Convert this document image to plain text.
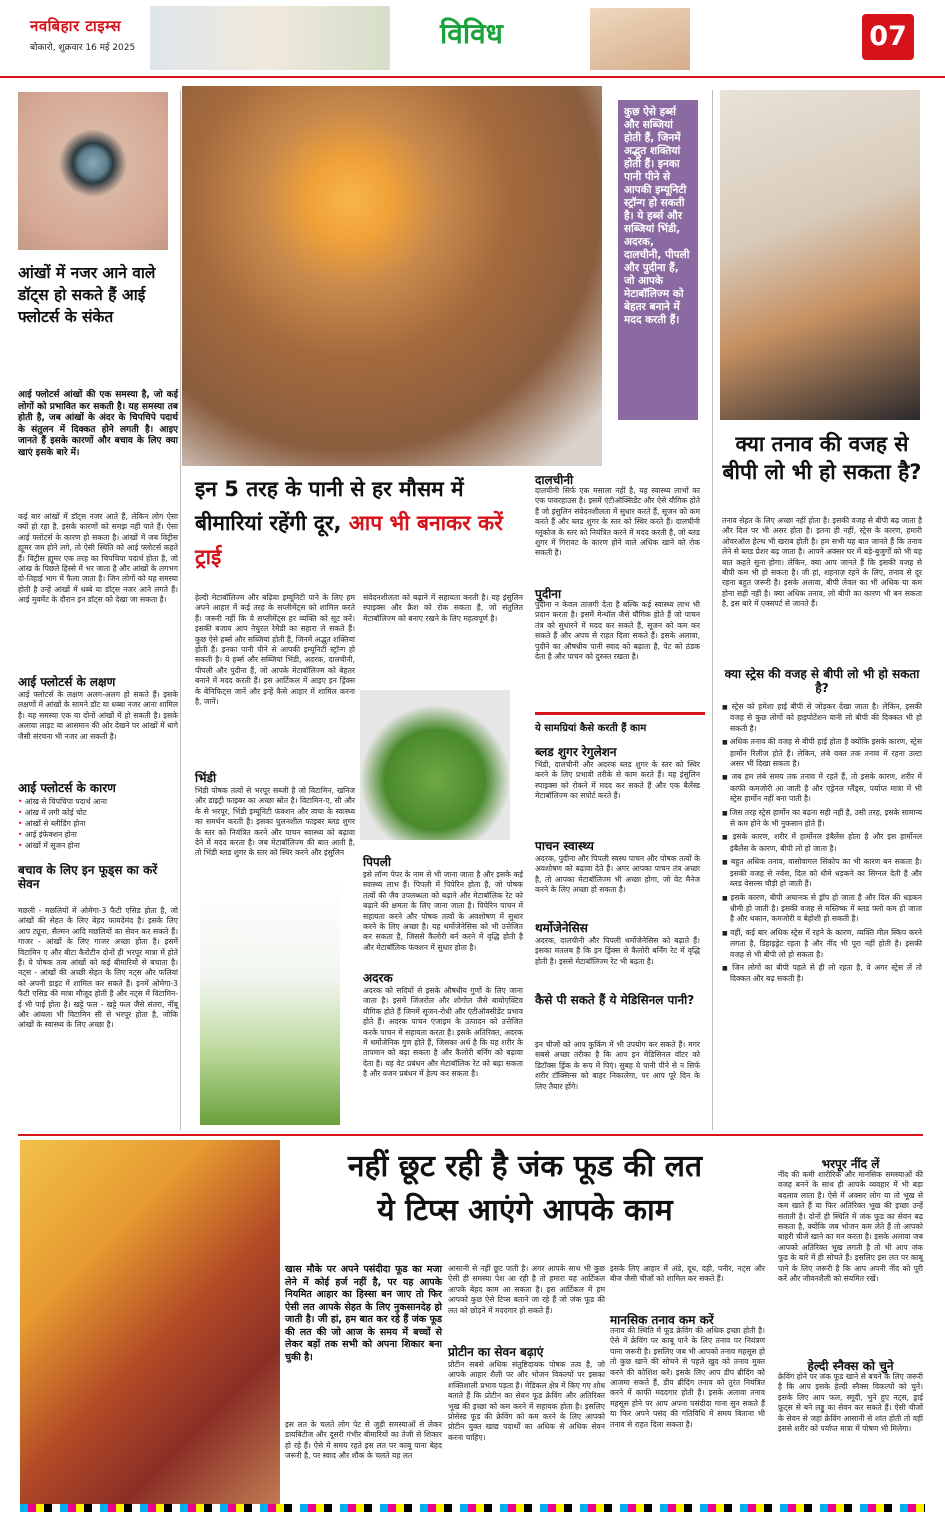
नवबिहार टाइम्स
बोकारो, शुक्रवार 16 मई 2025	विविध	07
कुछ ऐसे हर्ब्स और सब्जियां होती हैं, जिनमें अद्भुत शक्तियां होती हैं। इनका पानी पीने से आपकी इम्यूनिटी स्ट्रॉन्ग हो सकती है। ये हर्ब्स और सब्जियां भिंडी, अदरक, दालचीनी, पीपली और पुदीना हैं, जो आपके मेटाबॉलिज्म को बेहतर बनाने में मदद करती हैं।
आंखों में नजर आने वाले डॉट्स हो सकते हैं आई फ्लोटर्स के संकेत
आई फ्लोटर्स आंखों की एक समस्या है, जो कई लोगों को प्रभावित कर सकती है। यह समस्या तब होती है, जब आंखों के अंदर के चिपचिपे पदार्थ के संतुलन में दिक्कत होने लगती है। आइए जानते हैं इसके कारणों और बचाव के लिए क्या खाएं इसके बारे में।
कई बार आंखों में डॉट्स नजर आते हैं, लेकिन लोग ऐसा क्यों हो रहा है, इसके कारणों को समझ नहीं पाते हैं। ऐसा आई फ्लोटर्स के कारण हो सकता है। आंखों में जब विट्रीस ह्यूमर जम होने लगे, तो ऐसी स्थिति को आई फ्लोटर्स कहते हैं। विट्रीस ह्यूमर एक तरह का चिपचिपा पदार्थ होता है, जो आंख के पिछले हिस्से में भर जाता है और आंखों के लगभग दो-तिहाई भाग में फैला जाता है। जिन लोगों को यह समस्या होती है उन्हें आंखों में धब्बे या डॉट्स नजर आने लगते हैं। आई मुवमेंट के दौरान इन डॉट्स को देखा जा सकता है।
आई फ्लोटर्स के लक्षण
आई फ्लोटर्स के लक्षण अलग-अलग हो सकते हैं। इसके लक्षणों में आंखों के सामने डॉट या धब्बा नजर आना शामिल है। यह समस्या एक या दोनों आंखों में हो सकती है। इसके अलावा लाइट या आसमान की ओर देखने पर आंखों में धागे जैसी संरचना भी नजर आ सकती है।
आई फ्लोटर्स के कारण
• आंख से चिपचिपा पदार्थ आना
• आंख में लगी कोई चोट
• आंखों से ब्लीडिंग होना
• आई इंफेक्शन होना
• आंखों में सूजन होना
बचाव के लिए इन फूड्स का करें सेवन
मछली - मछलियों में ओमेगा-3 फैटी एसिड होता है, जो आंखों की सेहत के लिए बेहद फायदेमंद है। इसके लिए आप ट्यूना, सैल्मन आदि मछलियों का सेवन कर सकते हैं। गाजर - आंखों के लिए गाजर अच्छा होता है। इसमें विटामिन ए और बीटा कैरोटीन दोनों ही भरपूर मात्रा में होते हैं। ये पोषक तत्व आंखों को कई बीमारियों से बचाता है। नट्स - आंखों की अच्छी सेहत के लिए नट्स और फलियां को अपनी डाइट में शामिल कर सकते हैं। इनमें ओमेगा-3 फैटी एसिड की मात्रा मौजूद होती है और नट्स में विटामिन-ई भी पाई होता है। खट्टे फल - खट्टे फल जैसे संतरा, नींबू और आंवला भी विटामिन सी से भरपूर होता है, जोकि आंखों के स्वास्थ्य के लिए अच्छा है।
इन 5 तरह के पानी से हर मौसम में बीमारियां रहेंगी दूर, आप भी बनाकर करें ट्राई
हेल्दी मेटाबॉलिज्म और बढ़िया इम्यूनिटी पाने के लिए हम अपने आहार में कई तरह के सप्लीमेंट्स को शामिल करते हैं। जरूरी नहीं कि ये सप्लीमेंट्स हर व्यक्ति को सूट करें। इसकी बजाय आप नेचुरल रेमेडी का सहारा ले सकते हैं। कुछ ऐसे हर्ब्स और सब्जियां होती हैं, जिनमें अद्भुत शक्तियां होती हैं। इनका पानी पीने से आपकी इम्यूनिटी स्ट्रॉन्ग हो सकती है। ये हर्ब्स और सब्जियां भिंडी, अदरक, दालचीनी, पीपली और पुदीना हैं, जो आपके मेटाबॉलिज्म को बेहतर बनाने में मदद करती हैं। इस आर्टिकल में आइए इन ड्रिंक्स के बेनिफिट्स जानें और इन्हें कैसे आहार में शामिल करना है, जानें।
संवेदनशीलता को बढ़ाने में सहायता करती है। यह इंसुलिन स्पाइक्स और क्रैश को रोक सकता है, जो संतुलित मेटाबॉलिज्म को बनाए रखने के लिए महत्वपूर्ण है।
भिंडी
भिंडी पोषक तत्वों से भरपूर सब्जी है जो विटामिन, खनिज और डाइट्री फाइबर का अच्छा स्रोत है। विटामिन-ए, सी और के से भरपूर, भिंडी इम्यूनिटी फंक्शन और त्वचा के स्वास्थ्य का समर्थन करती है। इसका घुलनशील फाइबर ब्लड शुगर के स्तर को नियंत्रित करने और पाचन स्वास्थ्य को बढ़ावा देने में मदद करता है। जब मेटाबॉलिज्म की बात आती है, तो भिंडी ब्लड शुगर के स्तर को स्थिर करने और इंसुलिन
पिपली
इसे लॉन्ग पेपर के नाम से भी जाना जाता है और इसके कई स्वास्थ्य लाभ हैं। पिपली में पिपेरिन होता है, जो पोषक तत्वों की जैव उपलब्धता को बढ़ाने और मेटाबॉलिक रेट को बढ़ाने की क्षमता के लिए जाना जाता है। पिपेरिन पाचन में सहायता करने और पोषक तत्वों के अवशोषण में सुधार करने के लिए अच्छा है। यह थर्मोजेनेसिस को भी उत्तेजित कर सकता है, जिससे कैलोरी बर्न करने में वृद्धि होती है और मेटाबॉलिक फंक्शन में सुधार होता है।
अदरक
अदरक को सदियों से इसके औषधीय गुणों के लिए जाना जाता है। इसमें जिंजरोल और शोगोल जैसे बायोएक्टिव यौगिक होते हैं जिनमें सूजन-रोधी और एंटीऑक्सीडेंट प्रभाव होते हैं। अदरक पाचन एंजाइम के उत्पादन को उत्तेजित करके पाचन में सहायता करता है। इसके अतिरिक्त, अदरक में थर्मोजेनिक गुण होते हैं, जिसका अर्थ है कि यह शरीर के तापमान को बढ़ा सकता है और कैलोरी बर्निंग को बढ़ावा देता है। यह वेट प्रबंधन और मेटाबॉलिक रेट को बढ़ा सकता है और वजन प्रबंधन में हेल्प कर सकता है।
दालचीनी
दालचीनी सिर्फ एक मसाला नहीं है, यह स्वास्थ्य लाभों का एक पावरहाउस है। इसमें एंटीऑक्सिडेंट और ऐसे यौगिक होते हैं जो इंसुलिन संवेदनशीलता में सुधार करते हैं, सूजन को कम करते हैं और ब्लड शुगर के स्तर को स्थिर करते हैं। दालचीनी ग्लूकोज के स्तर को नियंत्रित करने में मदद करती है, जो ब्लड शुगर में गिरावट के कारण होने वाले अधिक खाने को रोक सकती है।
पुदीना
पुदीना न केवल ताजगी देता है बल्कि कई स्वास्थ्य लाभ भी प्रदान करता है। इसमें मेन्थॉल जैसे यौगिक होते हैं जो पाचन तंत्र को सुधारने में मदद कर सकते हैं, सूजन को कम कर सकते हैं और अपच से राहत दिला सकते हैं। इसके अलावा, पुदीने का औषधीय पानी स्वाद को बढ़ाता है, पेट को ठंडक देता है और पाचन को दुरुस्त रखता है।
ये सामग्रियां कैसे करती हैं काम
ब्लड शुगर रेगुलेशन
भिंडी, दालचीनी और अदरक ब्लड शुगर के स्तर को स्थिर करने के लिए प्रभावी तरीके से काम करते हैं। यह इंसुलिन स्पाइक्स को रोकने में मदद कर सकते हैं और एक बैलेंस्ड मेटाबॉलिज्म का सपोर्ट करते हैं।
पाचन स्वास्थ्य
अदरक, पुदीना और पिपली स्वस्थ पाचन और पोषक तत्वों के अवशोषण को बढ़ावा देते हैं। अगर आपका पाचन तंत्र अच्छा है, तो आपका मेटाबॉलिज्म भी अच्छा होगा, जो वेट मैनेज करने के लिए अच्छा हो सकता है।
थर्मोजेनेसिस
अदरक, दालचीनी और पिपली थर्मोजेनेसिस को बढ़ाते हैं। इसका मतलब है कि इन ड्रिंक्स से कैलोरी बर्निंग रेट में वृद्धि होती है। इससे मेटाबॉलिज्म रेट भी बढ़ता है।
कैसे पी सकते हैं ये मेडिसिनल पानी?
इन चीजों को आप कुकिंग में भी उपयोग कर सकते हैं। मगर सबसे अच्छा तरीका है कि आप इन मेडिसिनल वॉटर को डिटॉक्स ड्रिंक के रूप में पिएं। सुबह ये पानी पीने से न सिर्फ शरीर टॉक्सिन्स को बाहर निकालेगा, पर आप पूरे दिन के लिए तैयार होंगे।
क्या तनाव की वजह से बीपी लो भी हो सकता है?
तनाव सेहत के लिए अच्छा नहीं होता है। इसकी वजह से बीपी बढ़ जाता है और दिल पर भी असर होता है। इतना ही नहीं, स्ट्रेस के कारण, हमारी ओवरऑल हेल्थ भी खराब होती है। हम सभी यह बात जानते हैं कि तनाव लेने से ब्लड प्रेशर बढ़ जाता है। आपने अक्सर घर में बड़े-बुजुर्गों को भी यह बात कहते सुना होगा। लेकिन, क्या आप जानते हैं कि इसकी वजह से बीपी कम भी हो सकता है। जी हां, शहनाज़ रहने के लिए, तनाव से दूर रहना बहुत जरूरी है। इसके अलावा, बीपी लेवल का भी अधिक या कम होना सही नहीं है। क्या अधिक तनाव, लो बीपी का कारण भी बन सकता है, इस बारे में एक्सपर्ट से जानते हैं।
क्या स्ट्रेस की वजह से बीपी लो भी हो सकता है?
■ स्ट्रेस को हमेशा हाई बीपी से जोड़कर देखा जाता है। लेकिन, इसकी वजह से कुछ लोगों को हाइपोटेंशन यानी लो बीपी की दिक्कत भी हो सकती है।
■ अधिक तनाव की वजह से बीपी हाई होता है क्योंकि इसके कारण, स्ट्रेस हार्मोन रिलीज होते हैं। लेकिन, लंबे वक्त तक तनाव में रहना उल्टा असर भी दिखा सकता है।
■ जब हम लंबे समय तक तनाव में रहते हैं, तो इसके कारण, शरीर में काफी कमजोरी आ जाती है और एड्रेनल ग्लैंड्स, पर्याप्त मात्रा में भी स्ट्रेस हार्मोन नहीं बना पाती है।
■ जिस तरह स्ट्रेस हार्मोन का बढ़ना सही नहीं है, उसी तरह, इसके सामान्य से कम होने के भी नुकसान होते हैं।
■ इसके कारण, शरीर में हार्मोनल इंबैलेंस होता है और इस हार्मोनल इंबैलेंस के कारण, बीपी लो हो जाता है।
■ बहुत अधिक तनाव, वासोवागल सिंकोप का भी कारण बन सकता है। इसकी वजह से नर्वस, दिल को धीमे धड़कने का सिग्नल देती है और ब्लड वेसल्स चौड़ी हो जाती हैं।
■ इसके कारण, बीपी अचानक से ड्रॉप हो जाता है और दिल की धड़कन धीमी हो जाती है। इसकी वजह से मस्तिष्क में ब्लड फ्लो कम हो जाता है और थकान, कमजोरी व बेहोशी हो सकती है।
■ वहीं, कई बार अधिक स्ट्रेस में रहने के कारण, व्यक्ति मील स्किप करने लगता है, डिहाइड्रेट रहता है और नींद भी पूरा नहीं होती है। इसकी वजह से भी बीपी लो हो सकता है।
■ जिन लोगों का बीपी पहले से ही लो रहता है, वे अगर स्ट्रेस लें तो दिक्कत और बढ़ सकती है।
नहीं छूट रही है जंक फूड की लत
ये टिप्स आएंगे आपके काम
खास मौके पर अपने पसंदीदा फूड का मजा लेने में कोई हर्ज नहीं है, पर यह आपके नियमित आहार का हिस्सा बन जाए तो फिर ऐसी लत आपके सेहत के लिए नुकसानदेह हो जाती है। जी हां, हम बात कर रहे हैं जंक फूड की लत की जो आज के समय में बच्चों से लेकर बड़ों तक सभी को अपना शिकार बना चुकी है।
इस लत के चलते लोग पेट से जुड़ी समस्याओं से लेकर डायबिटीज और दूसरी गंभीर बीमारियों का तेजी से शिकार हो रहे हैं। ऐसे में समय रहते इस लत पर काबू पाना बेहद जरूरी है, पर स्वाद और शौक के चलते यह लत
आसानी से नहीं छूट पाती है। अगर आपके साथ भी कुछ ऐसी ही समस्या पेश आ रही है तो हमारा यह आर्टिकल आपके बेहद काम आ सकता है। इस आर्टिकल में हम आपको कुछ ऐसे टिप्स बताने जा रहे हैं जो जंक फूड की लत को छोड़ने में मददगार हो सकते हैं।
प्रोटीन का सेवन बढ़ाएं
प्रोटीन सबसे अधिक संतुष्टिदायक पोषक तत्व है, जो आपके आहार शैली पर और भोजन विकल्पों पर इसका शक्तिशाली प्रभाव पड़ता है। मेडिकल क्षेत्र में किए गए शोध बताते हैं कि प्रोटीन का सेवन फूड क्रेविंग और अतिरिक्त भूख की इच्छा को कम करने में सहायक होता है। इसलिए प्रोसेस्ड फूड की क्रेविंग को कम करने के लिए आपको प्रोटीन युक्त खाद्य पदार्थों का अधिक से अधिक सेवन करना चाहिए।
इसके लिए आहार में अंडे, दूध, दही, पनीर, नट्स और बीज जैसी चीजों को शामिल कर सकते हैं।
मानसिक तनाव कम करें
तनाव की स्थिति में फूड क्रेविंग की अधिक इच्छा होती है। ऐसे में क्रेविंग पर काबू पाने के लिए तनाव पर नियंत्रण पाना जरूरी है। इसलिए जब भी आपको तनाव महसूस हो तो कुछ खाने की सोचने से पहले खुद को तनाव मुक्त करने की कोशिश करें। इसके लिए आप डीप ब्रीदिंग को आजमा सकते हैं, डीप ब्रीदिंग तनाव को तुरंत नियंत्रित करने में काफी मददगार होती है। इसके अलावा तनाव महसूस होने पर आप अपना पसंदीदा गाना सुन सकते हैं या फिर अपने पसंद की गतिविधि में समय बिताना भी तनाव से राहत दिला सकता है।
भरपूर नींद लें
नींद की कमी शारीरिक और मानसिक समस्याओं की वजह बनने के साथ ही आपके व्यवहार में भी बड़ा बदलाव लाता है। ऐसे में अक्सर लोग या तो भूख से कम खाते हैं या फिर अतिरिक्त भूख की इच्छा उन्हें सताती है। दोनों ही स्थिति में जंक फूड का सेवन बढ़ सकता है, क्योंकि जब भोजन कम लेते हैं तो आपको बाहरी चीजें खाने का मन करता है। इसके अलावा जब आपको अतिरिक्त भूख लगती है तो भी आप जंक फूड के बारे में ही सोचते हैं। इसलिए इस लत पर काबू पाने के लिए जरूरी है कि आप अपनी नींद को पूरी करें और जीवनशैली को संयमित रखें।
हेल्दी स्नैक्स को चुने
क्रेविंग होने पर जंक फूड खाने से बचने के लिए जरूरी है कि आप इसके हेल्दी स्नैक्स विकल्पों को चुनें। इसके लिए आप फल, स्मूदी, भुने हुए नट्स, ड्राई फ्रूट्स से बने लड्डू का सेवन कर सकते हैं। ऐसी चीजों के सेवन से जहां क्रेविंग आसानी से शांत होती तो वहीं इससे शरीर को पर्याप्त मात्रा में पोषण भी मिलेगा।
